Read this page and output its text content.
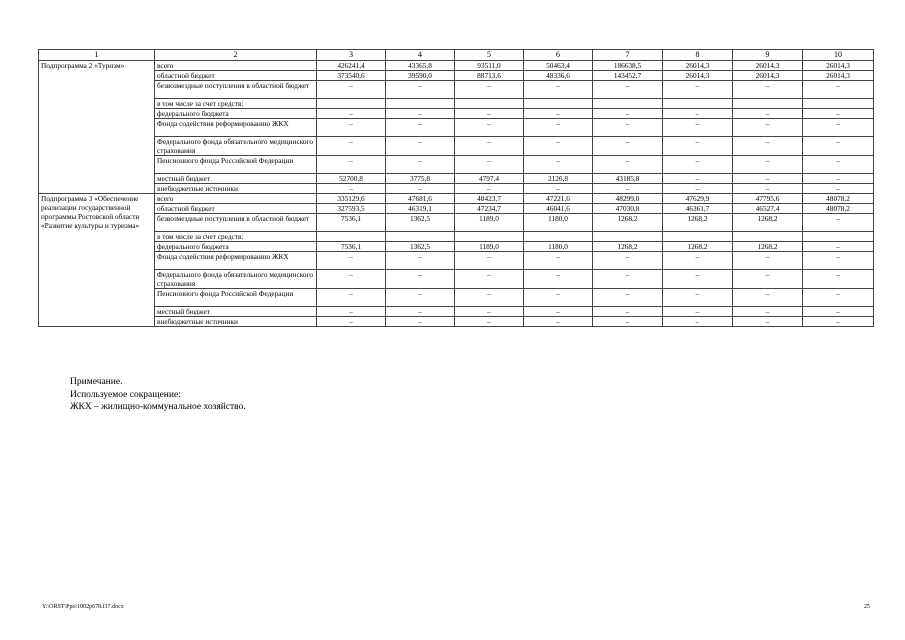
1	2	3	4	5	6	7	8	9	10
Подпрограмма 2 «Туризм»	всего	426241,4	43365,8	93511,0	50463,4	186638,5	26014,3	26014,3	26014,3
	областной бюджет	373540,6	39590,0	88713,6	48336,6	143452,7	26014,3	26014,3	26014,3
	безвозмездные поступления в областной бюджет	–	–	–	–	–	–	–	–
	в том числе за счет средств:								
	федерального бюджета	–	–	–	–	–	–	–	–
	Фонда содействия реформированию ЖКХ	–	–	–	–	–	–	–	–
	Федерального фонда обязательного медицинского страхования	–	–	–	–	–	–	–	–
	Пенсионного фонда Российской Федерации	–	–	–	–	–	–	–	–
	местный бюджет	52700,8	3775,8	4797,4	2126,8	43185,8	–	–	–
	внебюджетные источники	–	–	–	–	–	–	–	–
Подпрограмма 3 «Обеспечение реализации государственной программы Ростовской области «Развитие культуры и туризма»	всего	335129,6	47681,6	48423,7	47221,6	48299,0	47629,9	47795,6	48078,2
	областной бюджет	327593,5	46319,1	47234,7	46041,6	47030,8	46361,7	46527,4	48078,2
	безвозмездные поступления в областной бюджет	7536,1	1362,5	1189,0	1180,0	1268,2	1268,2	1268,2	–
	в том числе за счет средств:								
	федерального бюджета	7536,1	1362,5	1189,0	1180,0	1268,2	1268,2	1268,2	–
	Фонда содействия реформированию ЖКХ	–	–	–	–	–	–	–	–
	Федерального фонда обязательного медицинского страхования	–	–	–	–	–	–	–	–
	Пенсионного фонда Российской Федерации	–	–	–	–	–	–	–	–
	местный бюджет	–	–	–	–	–	–	–	–
	внебюджетные источники	–	–	–	–	–	–	–	–
Примечание.
Используемое сокращение:
ЖКХ – жилищно-коммунальное хозяйство.
Y:\ORST\Ppo\1002p678.f17.docx	25
